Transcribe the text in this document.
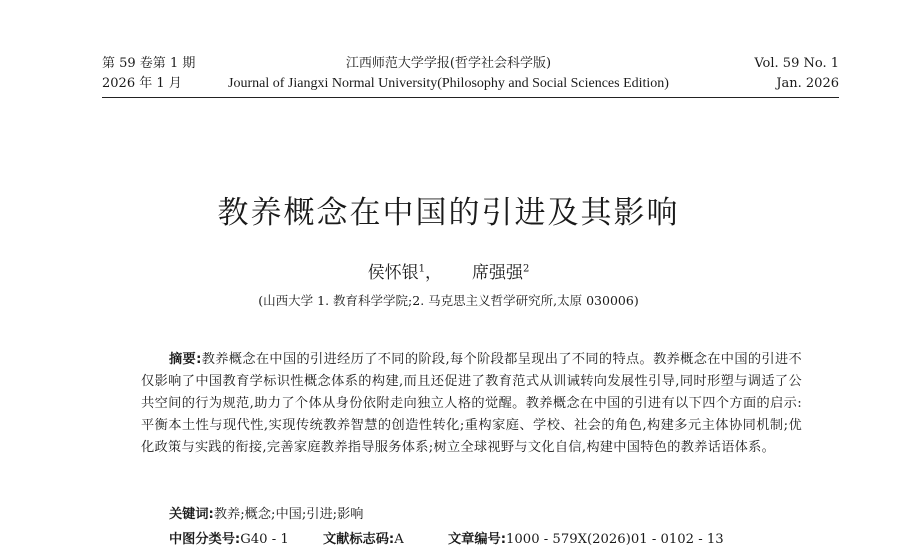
第 59 卷第 1 期
2026 年 1 月
江西师范大学学报(哲学社会科学版)
Journal of Jiangxi Normal University(Philosophy and Social Sciences Edition)
Vol. 59 No. 1
Jan. 2026
教养概念在中国的引进及其影响
侯怀银$^1$， 席强强$^2$
(山西大学 1. 教育科学学院;2. 马克思主义哲学研究所,太原 030006)
摘要:教养概念在中国的引进经历了不同的阶段,每个阶段都呈现出了不同的特点。教养概念在中国的引进不仅影响了中国教育学标识性概念体系的构建,而且还促进了教育范式从训诫转向发展性引导,同时形塑与调适了公共空间的行为规范,助力了个体从身份依附走向独立人格的觉醒。教养概念在中国的引进有以下四个方面的启示:平衡本土性与现代性,实现传统教养智慧的创造性转化;重构家庭、学校、社会的角色,构建多元主体协同机制;优化政策与实践的衔接,完善家庭教养指导服务体系;树立全球视野与文化自信,构建中国特色的教养话语体系。
关键词:教养;概念;中国;引进;影响
中图分类号:G40 - 1	文献标志码:A	文章编号:1000 - 579X(2026)01 - 0102 - 13
